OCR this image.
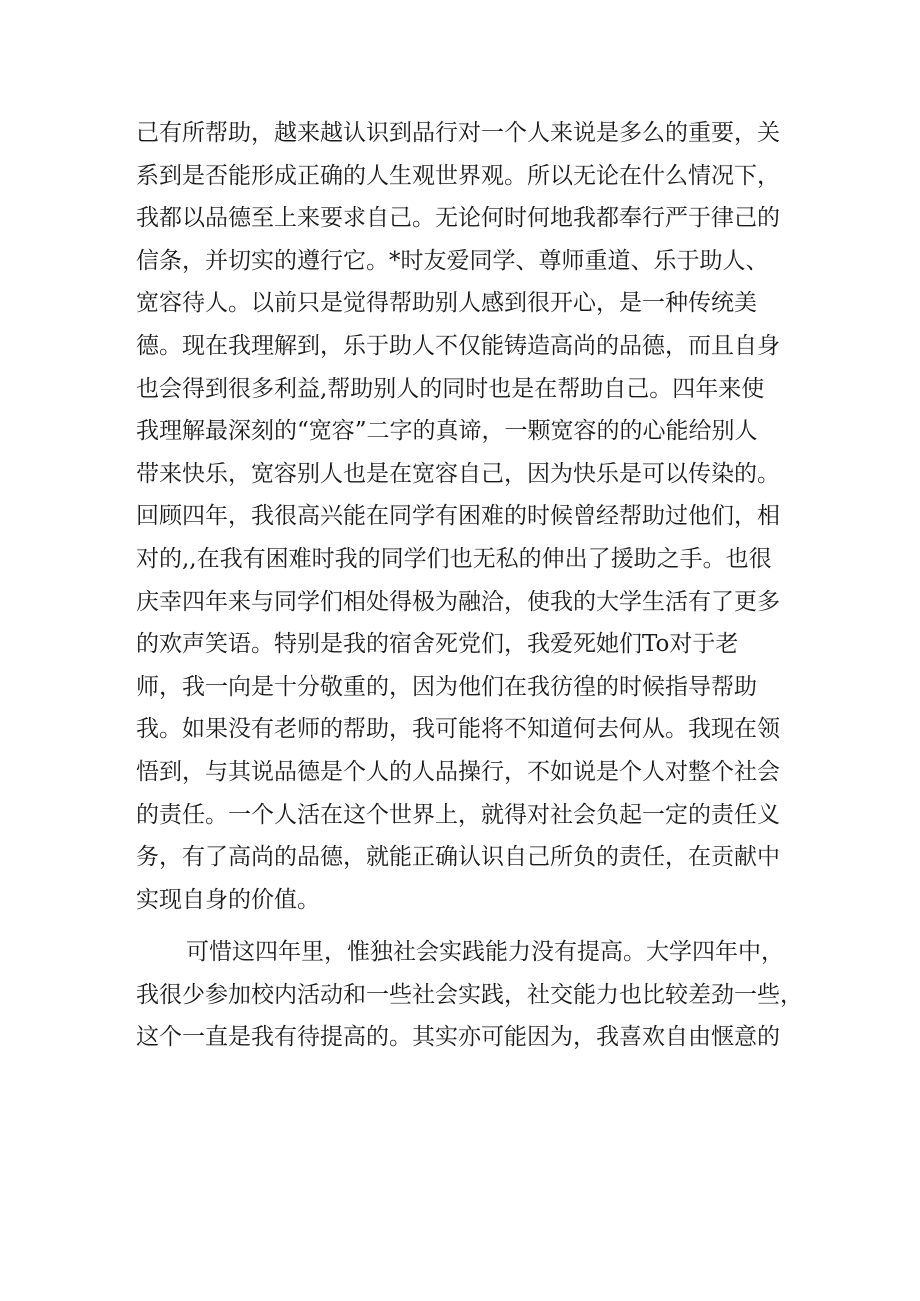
己有所帮助，越来越认识到品行对一个人来说是多么的重要，关
系到是否能形成正确的人生观世界观。所以无论在什么情况下，
我都以品德至上来要求自己。无论何时何地我都奉行严于律己的
信条，并切实的遵行它。*时友爱同学、尊师重道、乐于助人、
宽容待人。以前只是觉得帮助别人感到很开心，是一种传统美
德。现在我理解到，乐于助人不仅能铸造高尚的品德，而且自身
也会得到很多利益,帮助别人的同时也是在帮助自己。四年来使
我理解最深刻的“宽容”二字的真谛，一颗宽容的的心能给别人
带来快乐，宽容别人也是在宽容自己，因为快乐是可以传染的。
回顾四年，我很高兴能在同学有困难的时候曾经帮助过他们，相
对的,,在我有困难时我的同学们也无私的伸出了援助之手。也很
庆幸四年来与同学们相处得极为融洽，使我的大学生活有了更多
的欢声笑语。特别是我的宿舍死党们，我爱死她们To对于老
师，我一向是十分敬重的，因为他们在我彷徨的时候指导帮助
我。如果没有老师的帮助，我可能将不知道何去何从。我现在领
悟到，与其说品德是个人的人品操行，不如说是个人对整个社会
的责任。一个人活在这个世界上，就得对社会负起一定的责任义
务，有了高尚的品德，就能正确认识自己所负的责任，在贡献中
实现自身的价值。
可惜这四年里，惟独社会实践能力没有提高。大学四年中，
我很少参加校内活动和一些社会实践，社交能力也比较差劲一些，
这个一直是我有待提高的。其实亦可能因为，我喜欢自由惬意的
